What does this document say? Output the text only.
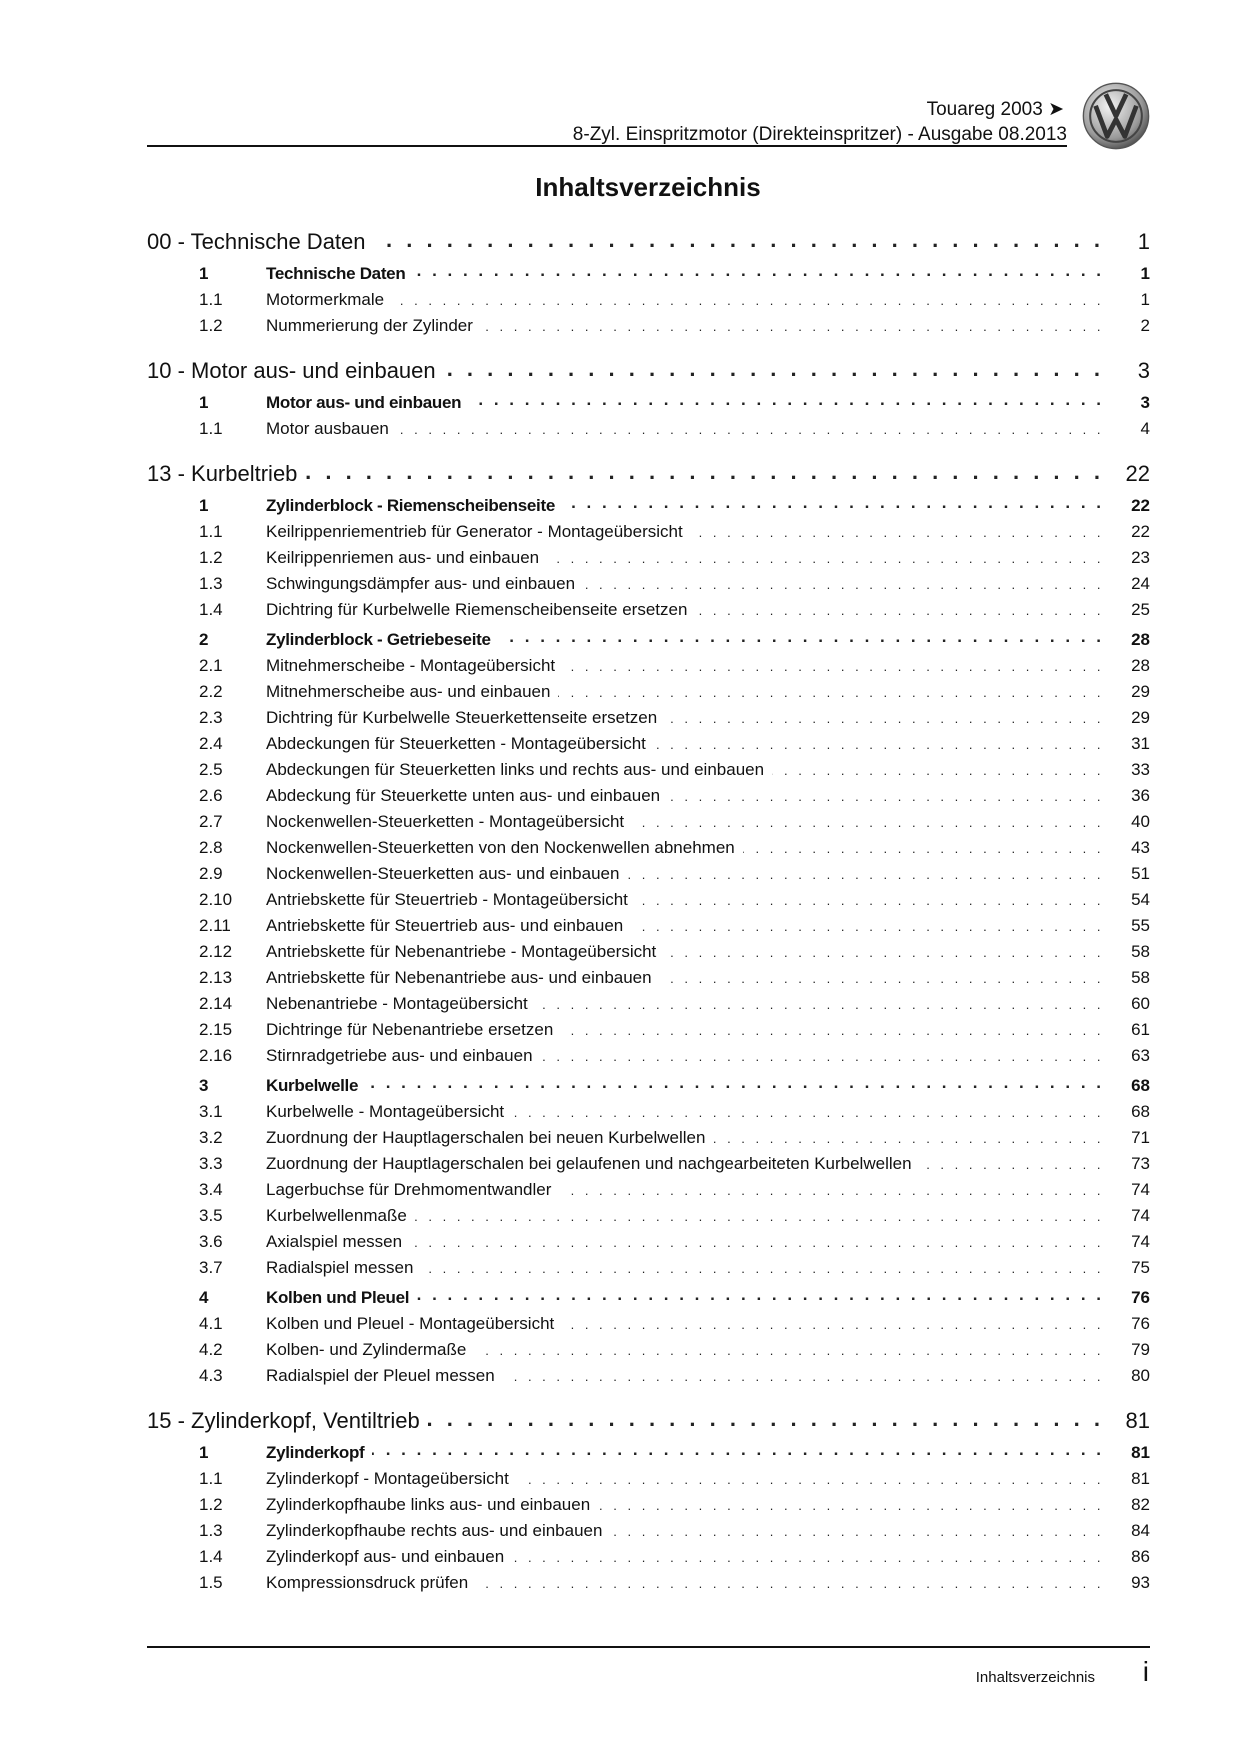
Touareg 2003 ➤
8-Zyl. Einspritzmotor (Direkteinspritzer) - Ausgabe 08.2013
Inhaltsverzeichnis
00 - Technische Daten . . .	1
1	Technische Daten . . .	1
1.1	Motormerkmale . . .	1
1.2	Nummerierung der Zylinder . . .	2
10 - Motor aus- und einbauen . . .	3
1	Motor aus- und einbauen . . .	3
1.1	Motor ausbauen . . .	4
13 - Kurbeltrieb . . .	22
1	Zylinderblock - Riemenscheibenseite . . .	22
1.1	Keilrippenriementrieb für Generator - Montageübersicht . . .	22
1.2	Keilrippenriemen aus- und einbauen . . .	23
1.3	Schwingungsdämpfer aus- und einbauen . . .	24
1.4	Dichtring für Kurbelwelle Riemenscheibenseite ersetzen . . .	25
2	Zylinderblock - Getriebeseite . . .	28
2.1	Mitnehmerscheibe - Montageübersicht . . .	28
2.2	Mitnehmerscheibe aus- und einbauen . . .	29
2.3	Dichtring für Kurbelwelle Steuerkettenseite ersetzen . . .	29
2.4	Abdeckungen für Steuerketten - Montageübersicht . . .	31
2.5	Abdeckungen für Steuerketten links und rechts aus- und einbauen . . .	33
2.6	Abdeckung für Steuerkette unten aus- und einbauen . . .	36
2.7	Nockenwellen-Steuerketten - Montageübersicht . . .	40
2.8	Nockenwellen-Steuerketten von den Nockenwellen abnehmen . . .	43
2.9	Nockenwellen-Steuerketten aus- und einbauen . . .	51
2.10	Antriebskette für Steuertrieb - Montageübersicht . . .	54
2.11	Antriebskette für Steuertrieb aus- und einbauen . . .	55
2.12	Antriebskette für Nebenantriebe - Montageübersicht . . .	58
2.13	Antriebskette für Nebenantriebe aus- und einbauen . . .	58
2.14	Nebenantriebe - Montageübersicht . . .	60
2.15	Dichtringe für Nebenantriebe ersetzen . . .	61
2.16	Stirnradgetriebe aus- und einbauen . . .	63
3	Kurbelwelle . . .	68
3.1	Kurbelwelle - Montageübersicht . . .	68
3.2	Zuordnung der Hauptlagerschalen bei neuen Kurbelwellen . . .	71
3.3	Zuordnung der Hauptlagerschalen bei gelaufenen und nachgearbeiteten Kurbelwellen . . .	73
3.4	Lagerbuchse für Drehmomentwandler . . .	74
3.5	Kurbelwellenmaße . . .	74
3.6	Axialspiel messen . . .	74
3.7	Radialspiel messen . . .	75
4	Kolben und Pleuel . . .	76
4.1	Kolben und Pleuel - Montageübersicht . . .	76
4.2	Kolben- und Zylindermaße . . .	79
4.3	Radialspiel der Pleuel messen . . .	80
15 - Zylinderkopf, Ventiltrieb . . .	81
1	Zylinderkopf . . .	81
1.1	Zylinderkopf - Montageübersicht . . .	81
1.2	Zylinderkopfhaube links aus- und einbauen . . .	82
1.3	Zylinderkopfhaube rechts aus- und einbauen . . .	84
1.4	Zylinderkopf aus- und einbauen . . .	86
1.5	Kompressionsdruck prüfen . . .	93
Inhaltsverzeichnis i
